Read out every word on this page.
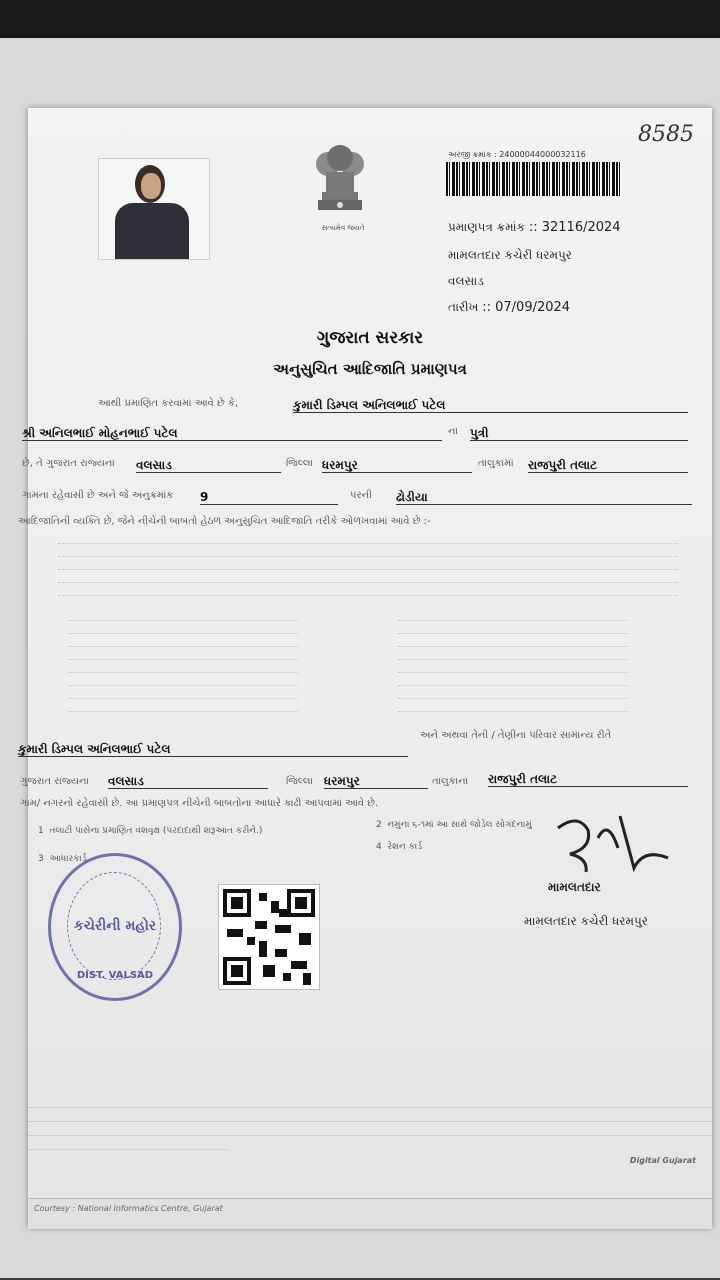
8585
સત્યમેવ જયતે
અરજી ક્રમાંક : 24000044000032116
પ્રમાણપત્ર ક્રમાંક :: 32116/2024
મામલતદાર કચેરી ધરમપુર
વલસાડ
તારીખ :: 07/09/2024
ગુજરાત સરકાર
અનુસુચિત આદિજાતિ પ્રમાણપત્ર
આથી પ્રમાણિત કરવામાં આવે છે કે,	કુમારી ડિમ્પલ અનિલભાઈ પટેલ
શ્રી અનિલભાઈ મોહનભાઈ પટેલ	ના પુત્રી
છે, તે ગુજરાત રાજ્યના વલસાડ	જિલ્લા ધરમપુર	તાલુકામાં રાજપુરી તલાટ
ગામના રહેવાસી છે અને જે અનુક્રમાંક 9	પરની ઢોડીયા
આદિજાતિની વ્યક્તિ છે, જેને નીચેની બાબતો હેઠળ અનુસુચિત આદિજાતિ તરીકે ઓળખવામાં આવે છે :-
અને અથવા તેની / તેણીના પરિવાર સામાન્ય રીતે
કુમારી ડિમ્પલ અનિલભાઈ પટેલ
ગુજરાત રાજ્યના વલસાડ	જિલ્લા ધરમપુર	તાલુકાના રાજપુરી તલાટ
ગામ/ નગરનો રહેવાસી છે. આ પ્રમાણપત્ર નીચેની બાબતોના આધારે કાઢી આપવામાં આવે છે.
1 તલાટી પાસેના પ્રમાણિત વંશવૃક્ષ (પરદાદાથી શરૂઆત કરીને.)
2 નમુના ૬-૧માં આ સાથે જોડેલ સોગંદનામું
3 આધારકાર્ડ
4 રેશન કાર્ડ
કચેરીની મહોર
DIST. VALSAD
મામલતદાર
મામલતદાર કચેરી ધરમપુર
Digital Gujarat
Courtesy : National Informatics Centre, Gujarat
